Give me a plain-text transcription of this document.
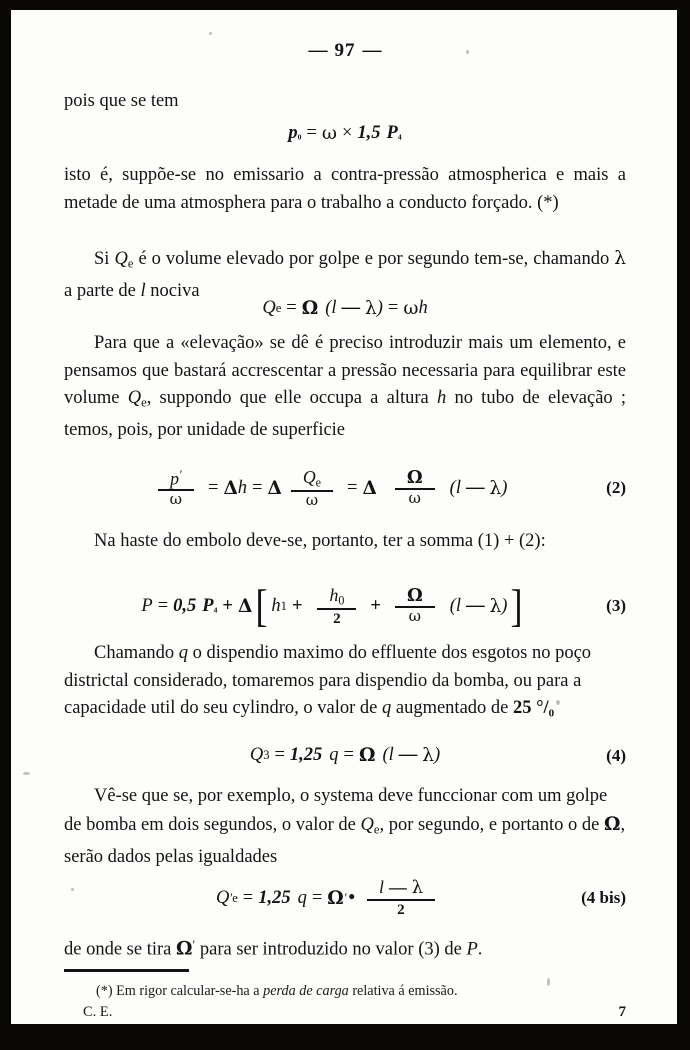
— 97 —
pois que se tem
p ₀ = ω × 1,5 P ₄
isto é, suppõe-se no emissario a contra-pressão atmospherica e mais a metade de uma atmosphera para o trabalho a conducto forçado. (*)
Si $Q_e$ é o volume elevado por golpe e por segundo tem-se, chamando λ a parte de l nociva
Q e = Ω ( l — λ ) = ω h
Para que a «elevação» se dê é preciso introduzir mais um elemento, e pensamos que bastará accrescentar a pressão necessaria para equilibrar este volume $Q_e$, suppondo que elle occupa a altura h no tubo de elevação ; temos, pois, por unidade de superficie
$\frac{p'}{\omega} = \Delta$ h = Δ $\frac{Q_e}{\omega} = \Delta \frac{\Omega}{\omega}$ ( l — λ )	(2)
Na haste do embolo deve-se, portanto, ter a somma (1) + (2):
P = 0,5 P ₄ + Δ [ h $1 + \frac{h_0}{2} + \frac{\Omega}{\omega}$ ( l — λ ) ]	(3)
Chamando q o dispendio maximo do effluente dos esgotos no poço districtal considerado, tomaremos para dispendio da bomba, ou para a capacidade util do seu cylindro, o valor de q augmentado de 25 °/₀
Q 3 = 1,25 q = Ω ( l — λ )	(4)
Vê-se que se, por exemplo, o systema deve funccionar com um golpe de bomba em dois segundos, o valor de $Q_e$, por segundo, e portanto o de Ω, serão dados pelas igualdades
Q ′ e = 1,25 q = Ω ′ • $\frac{l — \lambda}{2}$	(4 bis)
de onde se tira Ω′ para ser introduzido no valor (3) de P.
(*) Em rigor calcular-se-ha a perda de carga relativa á emissão.
C. E.	7
